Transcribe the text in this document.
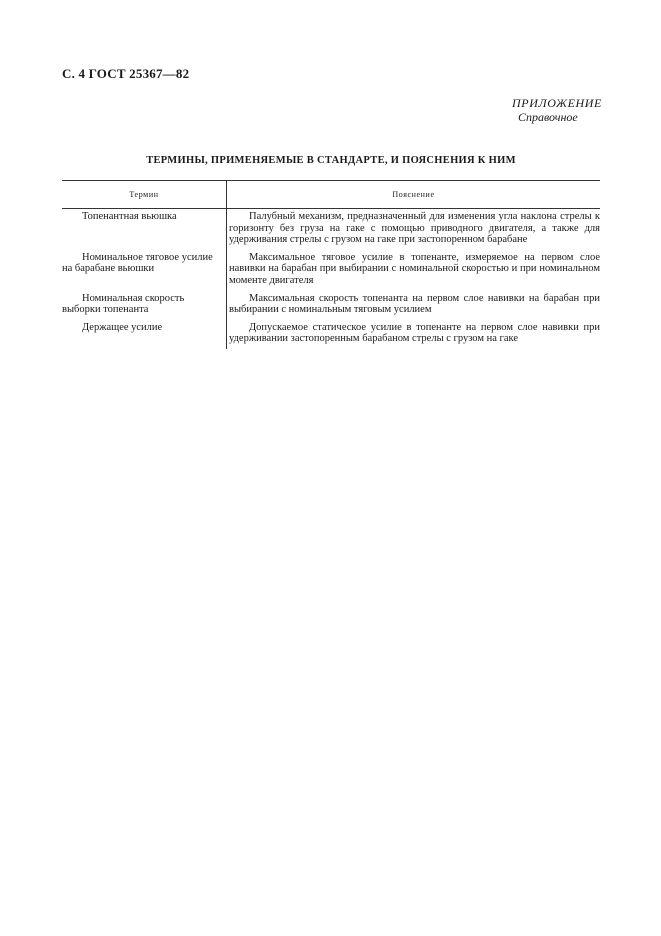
С. 4 ГОСТ 25367—82
ПРИЛОЖЕНИЕ
Справочное
ТЕРМИНЫ, ПРИМЕНЯЕМЫЕ В СТАНДАРТЕ, И ПОЯСНЕНИЯ К НИМ
Термин	Пояснение

Топенантная вьюшка	Палубный механизм, предназначенный для изменения угла наклона стрелы к горизонту без груза на гаке с помощью приводного двигателя, а также для удерживания стрелы с грузом на гаке при застопоренном барабане

Номинальное тяговое усилие на барабане вьюшки	Максимальное тяговое усилие в топенанте, измеряемое на первом слое навивки на барабан при выбирании с номинальной скоростью и при номинальном моменте двигателя

Номинальная скорость выборки топенанта	Максимальная скорость топенанта на первом слое навивки на барабан при выбирании с номинальным тяговым усилием

Держащее усилие	Допускаемое статическое усилие в топенанте на первом слое навивки при удерживании застопоренным барабаном стрелы с грузом на гаке
